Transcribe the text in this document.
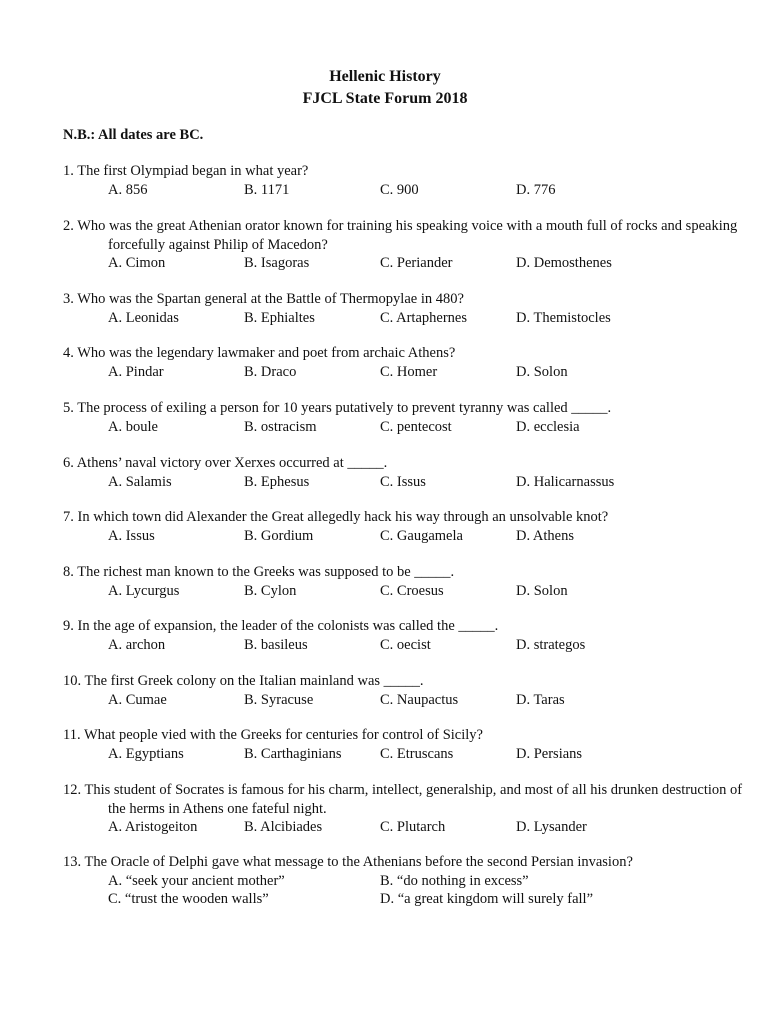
Hellenic History
FJCL State Forum 2018
N.B.: All dates are BC.
1. The first Olympiad began in what year?
A. 856	B. 1171	C. 900	D. 776
2. Who was the great Athenian orator known for training his speaking voice with a mouth full of rocks and speaking forcefully against Philip of Macedon?
A. Cimon	B. Isagoras	C. Periander	D. Demosthenes
3. Who was the Spartan general at the Battle of Thermopylae in 480?
A. Leonidas	B. Ephialtes	C. Artaphernes	D. Themistocles
4. Who was the legendary lawmaker and poet from archaic Athens?
A. Pindar	B. Draco	C. Homer	D. Solon
5. The process of exiling a person for 10 years putatively to prevent tyranny was called _____.
A. boule	B. ostracism	C. pentecost	D. ecclesia
6. Athens’ naval victory over Xerxes occurred at _____.
A. Salamis	B. Ephesus	C. Issus	D. Halicarnassus
7. In which town did Alexander the Great allegedly hack his way through an unsolvable knot?
A. Issus	B. Gordium	C. Gaugamela	D. Athens
8. The richest man known to the Greeks was supposed to be _____.
A. Lycurgus	B. Cylon	C. Croesus	D. Solon
9. In the age of expansion, the leader of the colonists was called the _____.
A. archon	B. basileus	C. oecist	D. strategos
10. The first Greek colony on the Italian mainland was _____.
A. Cumae	B. Syracuse	C. Naupactus	D. Taras
11. What people vied with the Greeks for centuries for control of Sicily?
A. Egyptians	B. Carthaginians	C. Etruscans	D. Persians
12. This student of Socrates is famous for his charm, intellect, generalship, and most of all his drunken destruction of the herms in Athens one fateful night.
A. Aristogeiton	B. Alcibiades	C. Plutarch	D. Lysander
13. The Oracle of Delphi gave what message to the Athenians before the second Persian invasion?
A. “seek your ancient mother”	B. “do nothing in excess”
C. “trust the wooden walls”	D. “a great kingdom will surely fall”
